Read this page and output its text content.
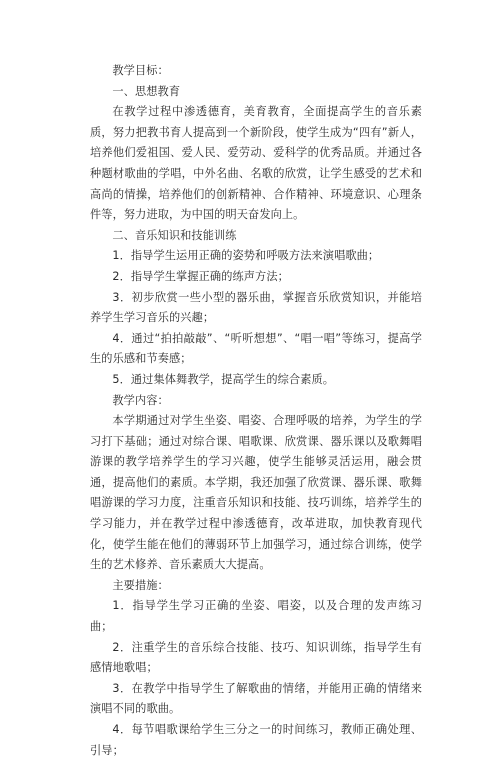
教学目标：

一、思想教育

在教学过程中渗透德育，美育教育，全面提高学生的音乐素质，努力把教书育人提高到一个新阶段，使学生成为“四有”新人，培养他们爱祖国、爱人民、爱劳动、爱科学的优秀品质。并通过各种题材歌曲的学唱，中外名曲、名歌的欣赏，让学生感受的艺术和高尚的情操，培养他们的创新精神、合作精神、环境意识、心理条件等，努力进取，为中国的明天奋发向上。

二、音乐知识和技能训练

1．指导学生运用正确的姿势和呼吸方法来演唱歌曲；

2．指导学生掌握正确的练声方法；

3．初步欣赏一些小型的器乐曲，掌握音乐欣赏知识，并能培养学生学习音乐的兴趣；

4．通过“拍拍敲敲”、“听听想想”、“唱一唱”等练习，提高学生的乐感和节奏感；

5．通过集体舞教学，提高学生的综合素质。

教学内容：

本学期通过对学生坐姿、唱姿、合理呼吸的培养，为学生的学习打下基础；通过对综合课、唱歌课、欣赏课、器乐课以及歌舞唱游课的教学培养学生的学习兴趣，使学生能够灵活运用，融会贯通，提高他们的素质。本学期，我还加强了欣赏课、器乐课、歌舞唱游课的学习力度，注重音乐知识和技能、技巧训练，培养学生的学习能力，并在教学过程中渗透德育，改革进取，加快教育现代化，使学生能在他们的薄弱环节上加强学习，通过综合训练，使学生的艺术修养、音乐素质大大提高。

主要措施：

1．指导学生学习正确的坐姿、唱姿，以及合理的发声练习曲；

2．注重学生的音乐综合技能、技巧、知识训练，指导学生有感情地歌唱；

3．在教学中指导学生了解歌曲的情绪，并能用正确的情绪来演唱不同的歌曲。

4．每节唱歌课给学生三分之一的时间练习，教师正确处理、引导；
